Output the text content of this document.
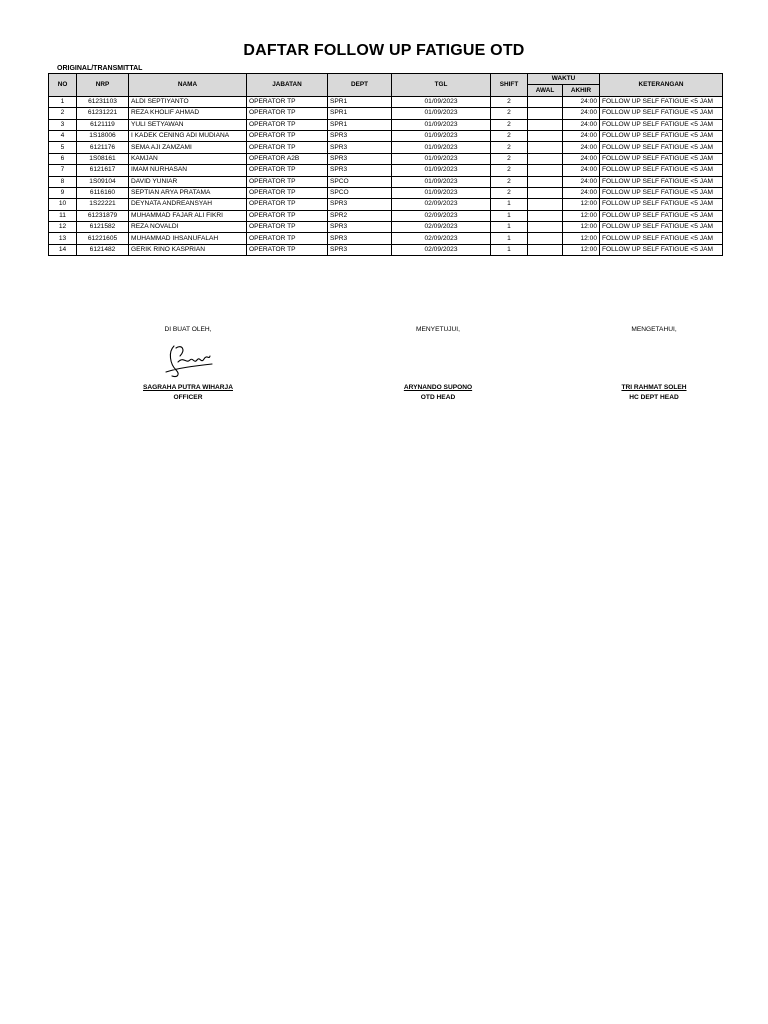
DAFTAR FOLLOW UP FATIGUE OTD
ORIGINAL/TRANSMITTAL
NO	NRP	NAMA	JABATAN	DEPT	TGL	SHIFT	WAKTU		KETERANGAN
							AWAL	AKHIR	
1	61231103	ALDI SEPTIYANTO	OPERATOR TP	SPR1	01/09/2023	2		24:00	FOLLOW UP SELF FATIGUE <5 JAM
2	61231221	REZA KHOLIF AHMAD	OPERATOR TP	SPR1	01/09/2023	2		24:00	FOLLOW UP SELF FATIGUE <5 JAM
3	6121119	YULI SETYAWAN	OPERATOR TP	SPR1	01/09/2023	2		24:00	FOLLOW UP SELF FATIGUE <5 JAM
4	1S18006	I KADEK CENING ADI MUDIANA	OPERATOR TP	SPR3	01/09/2023	2		24:00	FOLLOW UP SELF FATIGUE <5 JAM
5	6121176	SEMA AJI ZAMZAMI	OPERATOR TP	SPR3	01/09/2023	2		24:00	FOLLOW UP SELF FATIGUE <5 JAM
6	1S08161	KAMJAN	OPERATOR A2B	SPR3	01/09/2023	2		24:00	FOLLOW UP SELF FATIGUE <5 JAM
7	6121617	IMAM NURHASAN	OPERATOR TP	SPR3	01/09/2023	2		24:00	FOLLOW UP SELF FATIGUE <5 JAM
8	1S09104	DAVID YUNIAR	OPERATOR TP	SPCO	01/09/2023	2		24:00	FOLLOW UP SELF FATIGUE <5 JAM
9	6116160	SEPTIAN ARYA PRATAMA	OPERATOR TP	SPCO	01/09/2023	2		24:00	FOLLOW UP SELF FATIGUE <5 JAM
10	1S22221	DEYNATA ANDREANSYAH	OPERATOR TP	SPR3	02/09/2023	1		12:00	FOLLOW UP SELF FATIGUE <5 JAM
11	61231879	MUHAMMAD FAJAR ALI FIKRI	OPERATOR TP	SPR2	02/09/2023	1		12:00	FOLLOW UP SELF FATIGUE <5 JAM
12	6121582	REZA NOVALDI	OPERATOR TP	SPR3	02/09/2023	1		12:00	FOLLOW UP SELF FATIGUE <5 JAM
13	61221605	MUHAMMAD IHSANUFALAH	OPERATOR TP	SPR3	02/09/2023	1		12:00	FOLLOW UP SELF FATIGUE <5 JAM
14	6121482	GERIK RINO KASPRIAN	OPERATOR TP	SPR3	02/09/2023	1		12:00	FOLLOW UP SELF FATIGUE <5 JAM
DI BUAT OLEH,
SAGRAHA PUTRA WIHARJA
OFFICER
MENYETUJUI,
ARYNANDO SUPONO
OTD HEAD
MENGETAHUI,
TRI RAHMAT SOLEH
HC DEPT HEAD
